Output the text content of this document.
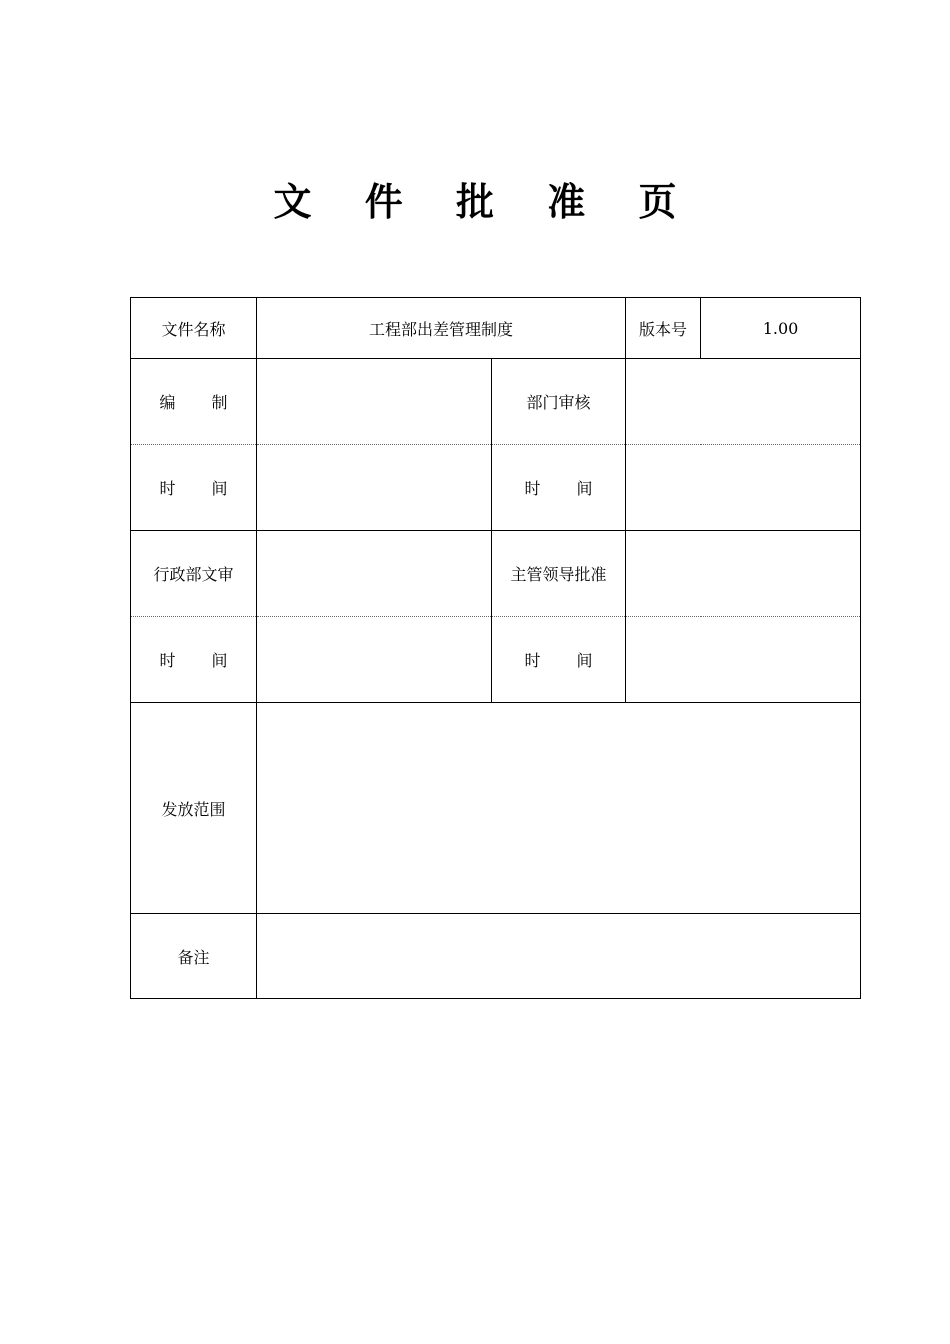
文 件 批 准 页
文件名称	工程部出差管理制度		版本号	1.00
编 制		部门审核		
时 间		时 间		
行政部文审		主管领导批准		
时 间		时 间		
发放范围				
备注				
